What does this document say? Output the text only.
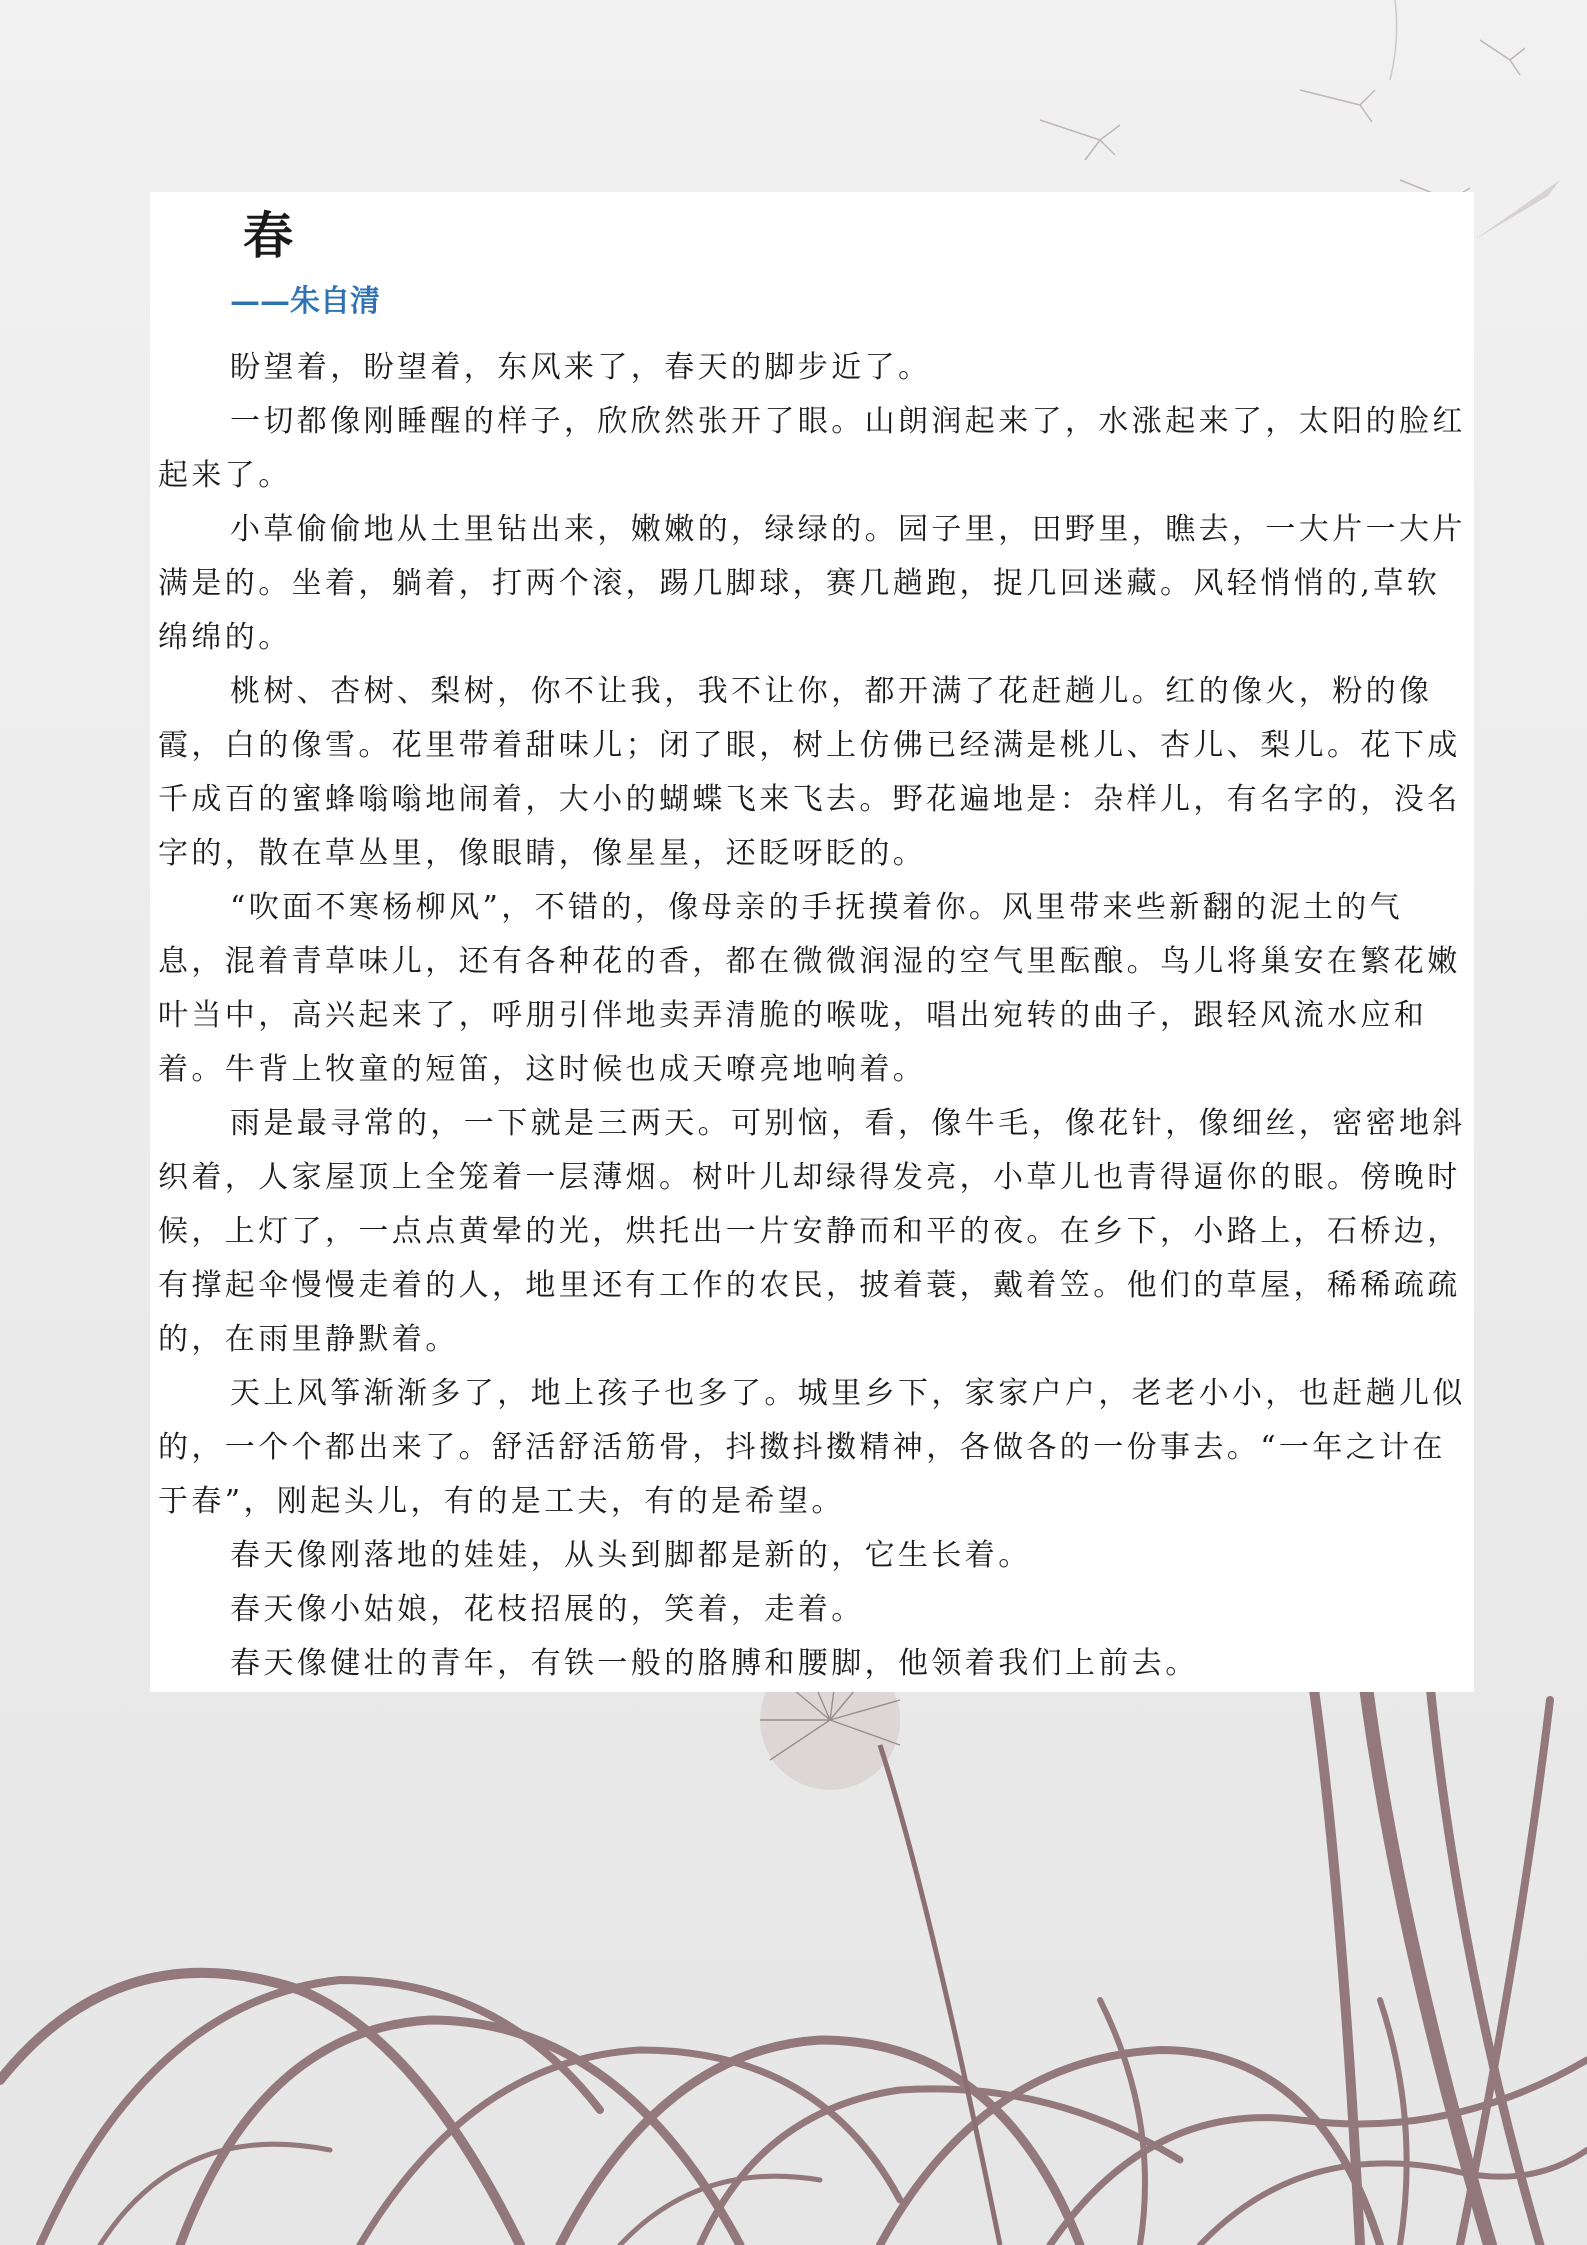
春
——朱自清

盼望着，盼望着，东风来了，春天的脚步近了。

一切都像刚睡醒的样子，欣欣然张开了眼。山朗润起来了，水涨起来了，太阳的脸红起来了。

小草偷偷地从土里钻出来，嫩嫩的，绿绿的。园子里，田野里，瞧去，一大片一大片满是的。坐着，躺着，打两个滚，踢几脚球，赛几趟跑，捉几回迷藏。风轻悄悄的,草软绵绵的。

桃树、杏树、梨树，你不让我，我不让你，都开满了花赶趟儿。红的像火，粉的像霞，白的像雪。花里带着甜味儿；闭了眼，树上仿佛已经满是桃儿、杏儿、梨儿。花下成千成百的蜜蜂嗡嗡地闹着，大小的蝴蝶飞来飞去。野花遍地是：杂样儿，有名字的，没名字的，散在草丛里，像眼睛，像星星，还眨呀眨的。

“吹面不寒杨柳风”，不错的，像母亲的手抚摸着你。风里带来些新翻的泥土的气息，混着青草味儿，还有各种花的香，都在微微润湿的空气里酝酿。鸟儿将巢安在繁花嫩叶当中，高兴起来了，呼朋引伴地卖弄清脆的喉咙，唱出宛转的曲子，跟轻风流水应和着。牛背上牧童的短笛，这时候也成天嘹亮地响着。

雨是最寻常的，一下就是三两天。可别恼，看，像牛毛，像花针，像细丝，密密地斜织着，人家屋顶上全笼着一层薄烟。树叶儿却绿得发亮，小草儿也青得逼你的眼。傍晚时候，上灯了，一点点黄晕的光，烘托出一片安静而和平的夜。在乡下，小路上，石桥边，有撑起伞慢慢走着的人，地里还有工作的农民，披着蓑，戴着笠。他们的草屋，稀稀疏疏的，在雨里静默着。

天上风筝渐渐多了，地上孩子也多了。城里乡下，家家户户，老老小小，也赶趟儿似的，一个个都出来了。舒活舒活筋骨，抖擞抖擞精神，各做各的一份事去。“一年之计在于春”，刚起头儿，有的是工夫，有的是希望。

春天像刚落地的娃娃，从头到脚都是新的，它生长着。

春天像小姑娘，花枝招展的，笑着，走着。

春天像健壮的青年，有铁一般的胳膊和腰脚，他领着我们上前去。
